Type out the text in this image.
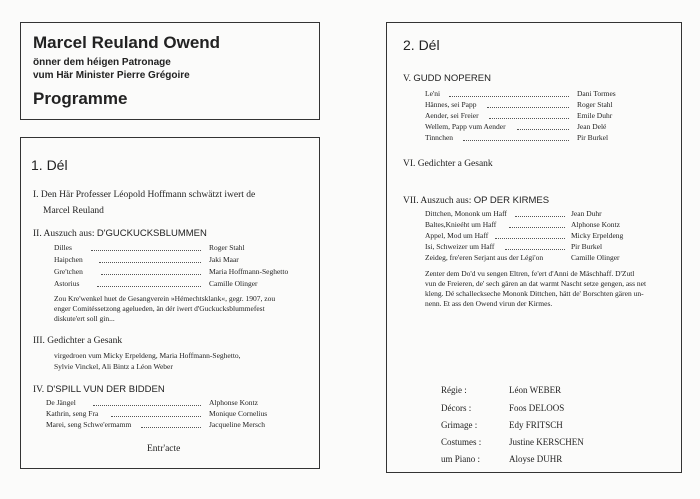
Marcel Reuland Owend
önner dem héigen Patronage
vum Här Minister Pierre Grégoire
Programme
1. Dél
I. Den Här Professer Léopold Hoffmann schwätzt iwert de
Marcel Reuland
II. Auszuch aus: D'GUCKUCKSBLUMMEN
Dilles	Roger Stahl
Haipchen	Jaki Maar
Gre'tchen	Maria Hoffmann-Seghetto
Astorius	Camille Olinger
Zou Kre'wenkel huet de Gesangverein »Hémechtsklank«, gegr. 1907, zou
enger Comitéssetzong agelueden, än dér iwert d'Guckucksblummefest
diskute'ert soll gin...
III. Gedichter a Gesank
virgedroen vum Micky Erpeldeng, Maria Hoffmann-Seghetto,
Sylvie Vinckel, Ali Bintz a Léon Weber
IV. D'SPILL VUN DER BIDDEN
De Jängel	Alphonse Kontz
Kathrin, seng Fra	Monique Cornelius
Marei, seng Schwe'ermamm	Jacqueline Mersch
Entr'acte
2. Dél
V. GUDD NOPEREN
Le'ni	Dani Tormes
Hännes, sei Papp	Roger Stahl
Aender, sei Freier	Emile Duhr
Wellem, Papp vum Aender	Jean Delé
Tinnchen	Pir Burkel
VI. Gedichter a Gesank
VII. Auszuch aus: OP DER KIRMES
Dittchen, Mononk um Haff	Jean Duhr
Baltes,Knieéht um Haff	Alphonse Kontz
Appel, Mod um Haff	Micky Erpeldeng
Isi, Schweizer um Haff	Pir Burkel
Zeideg, fre'eren Serjant aus der Légi'on	Camille Olinger
Zenter dem Do'd vu sengen Eltren, fe'ert d'Anni de Mäschhaff. D'Zutl
vun de Freieren, de' sech gären an dat warmt Nascht setze gengen, ass net
kleng. Dé schalleckseche Mononk Dittchen, hätt de' Borschten gären un-
nenn. Et ass den Owend virun der Kirmes.
Régie :	Léon WEBER
Décors :	Foos DELOOS
Grimage :	Edy FRITSCH
Costumes :	Justine KERSCHEN
um Piano :	Aloyse DUHR
